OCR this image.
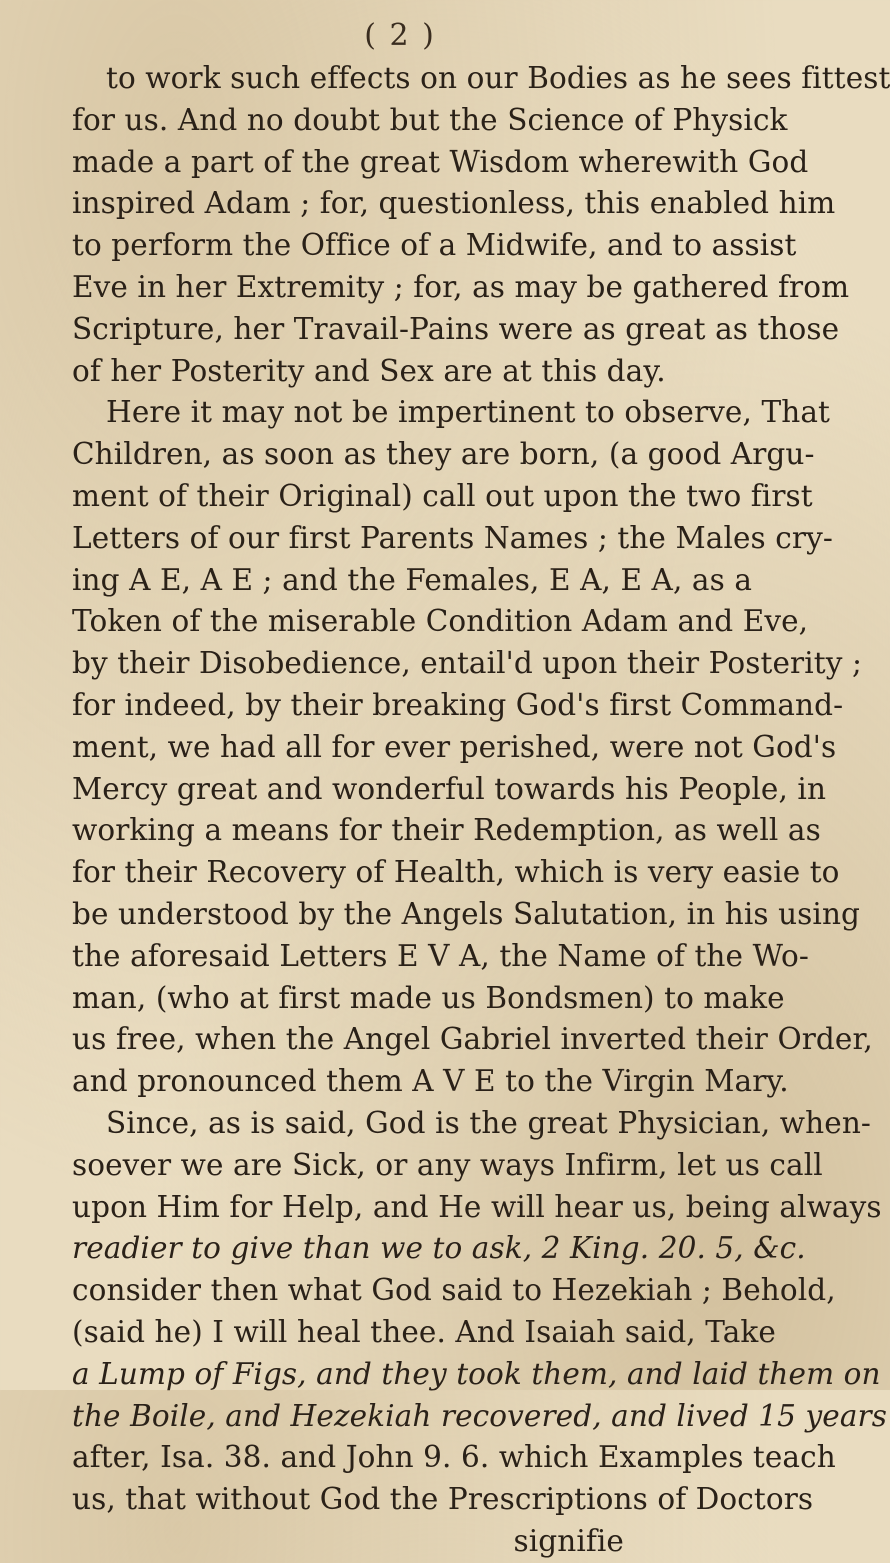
( 2 )
to work such effects on our Bodies as he sees fittest
for us. And no doubt but the Science of Physick
made a part of the great Wisdom wherewith God
inspired Adam ; for, questionless, this enabled him
to perform the Office of a Midwife, and to assist
Eve in her Extremity ; for, as may be gathered from
Scripture, her Travail-Pains were as great as those
of her Posterity and Sex are at this day.
Here it may not be impertinent to observe, That
Children, as soon as they are born, (a good Argu-
ment of their Original) call out upon the two first
Letters of our first Parents Names ; the Males cry-
ing A E, A E ; and the Females, E A, E A, as a
Token of the miserable Condition Adam and Eve,
by their Disobedience, entail'd upon their Posterity ;
for indeed, by their breaking God's first Command-
ment, we had all for ever perished, were not God's
Mercy great and wonderful towards his People, in
working a means for their Redemption, as well as
for their Recovery of Health, which is very easie to
be understood by the Angels Salutation, in his using
the aforesaid Letters E V A, the Name of the Wo-
man, (who at first made us Bondsmen) to make
us free, when the Angel Gabriel inverted their Order,
and pronounced them A V E to the Virgin Mary.
Since, as is said, God is the great Physician, when-
soever we are Sick, or any ways Infirm, let us call
upon Him for Help, and He will hear us, being always
readier to give than we to ask, 2 King. 20. 5, &c.
consider then what God said to Hezekiah ; Behold,
(said he) I will heal thee. And Isaiah said, Take
a Lump of Figs, and they took them, and laid them on
the Boile, and Hezekiah recovered, and lived 15 years
after, Isa. 38. and John 9. 6. which Examples teach
us, that without God the Prescriptions of Doctors
signifie
